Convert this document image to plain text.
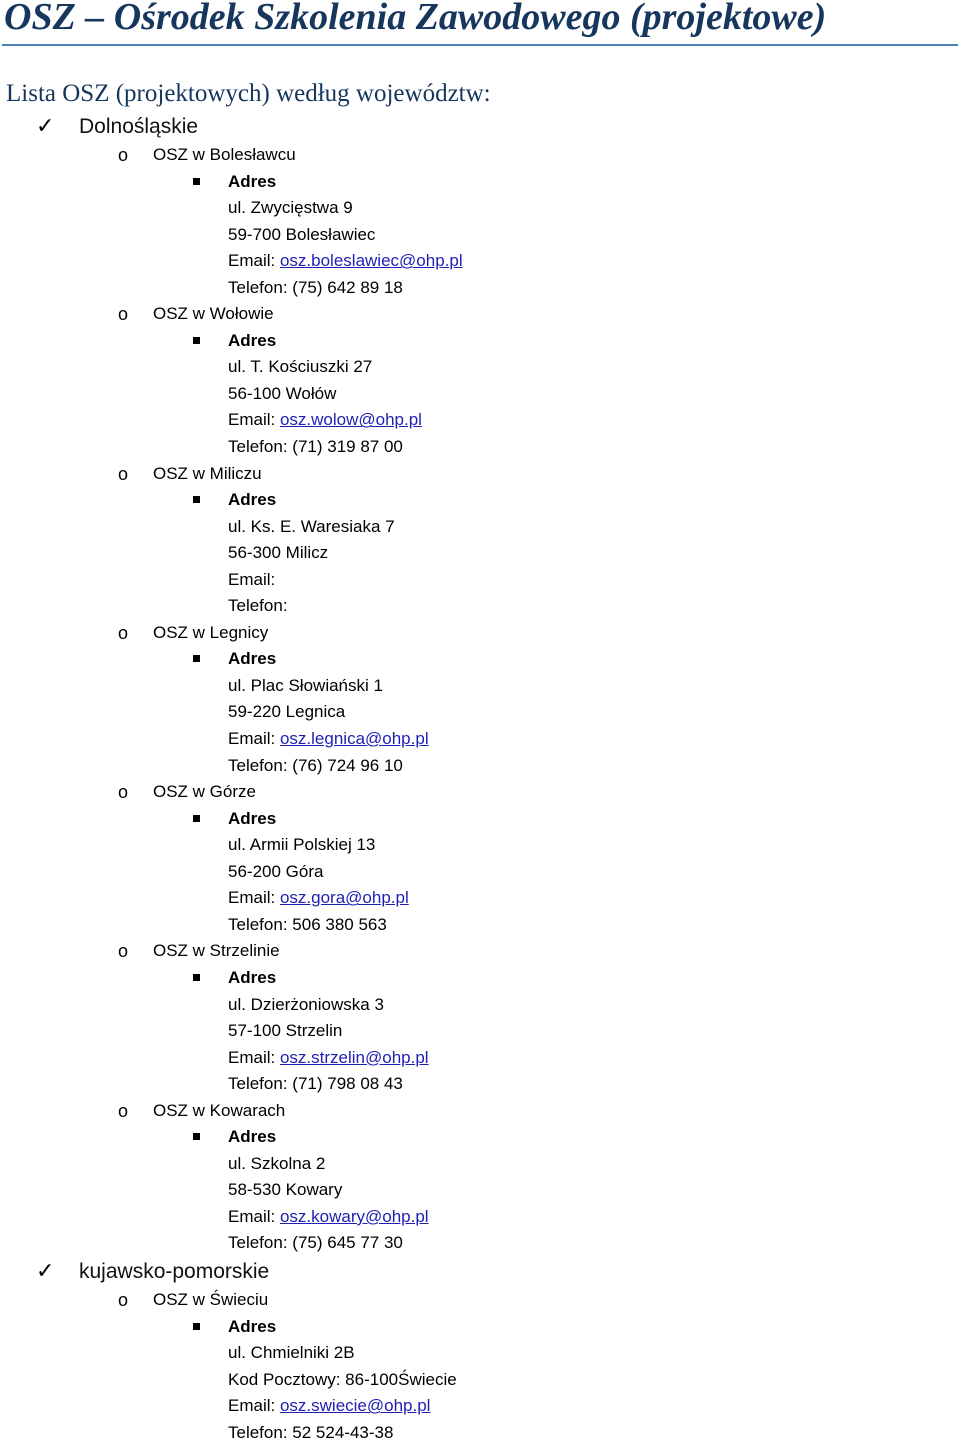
OSZ – Ośrodek Szkolenia Zawodowego (projektowe)
Lista OSZ (projektowych) według województw:
✓ Dolnośląskie
o OSZ w Bolesławcu
Adres
ul. Zwycięstwa 9
59-700 Bolesławiec
Email: osz.boleslawiec@ohp.pl
Telefon: (75) 642 89 18
o OSZ w Wołowie
Adres
ul. T. Kościuszki 27
56-100 Wołów
Email: osz.wolow@ohp.pl
Telefon: (71) 319 87 00
o OSZ w Miliczu
Adres
ul. Ks. E. Waresiaka 7
56-300 Milicz
Email:
Telefon:
o OSZ w Legnicy
Adres
ul. Plac Słowiański 1
59-220 Legnica
Email: osz.legnica@ohp.pl
Telefon: (76) 724 96 10
o OSZ w Górze
Adres
ul. Armii Polskiej 13
56-200 Góra
Email: osz.gora@ohp.pl
Telefon: 506 380 563
o OSZ w Strzelinie
Adres
ul. Dzierżoniowska 3
57-100 Strzelin
Email: osz.strzelin@ohp.pl
Telefon: (71) 798 08 43
o OSZ w Kowarach
Adres
ul. Szkolna 2
58-530 Kowary
Email: osz.kowary@ohp.pl
Telefon: (75) 645 77 30
✓ kujawsko-pomorskie
o OSZ w Świeciu
Adres
ul. Chmielniki 2B
Kod Pocztowy: 86-100Świecie
Email: osz.swiecie@ohp.pl
Telefon: 52 524-43-38
